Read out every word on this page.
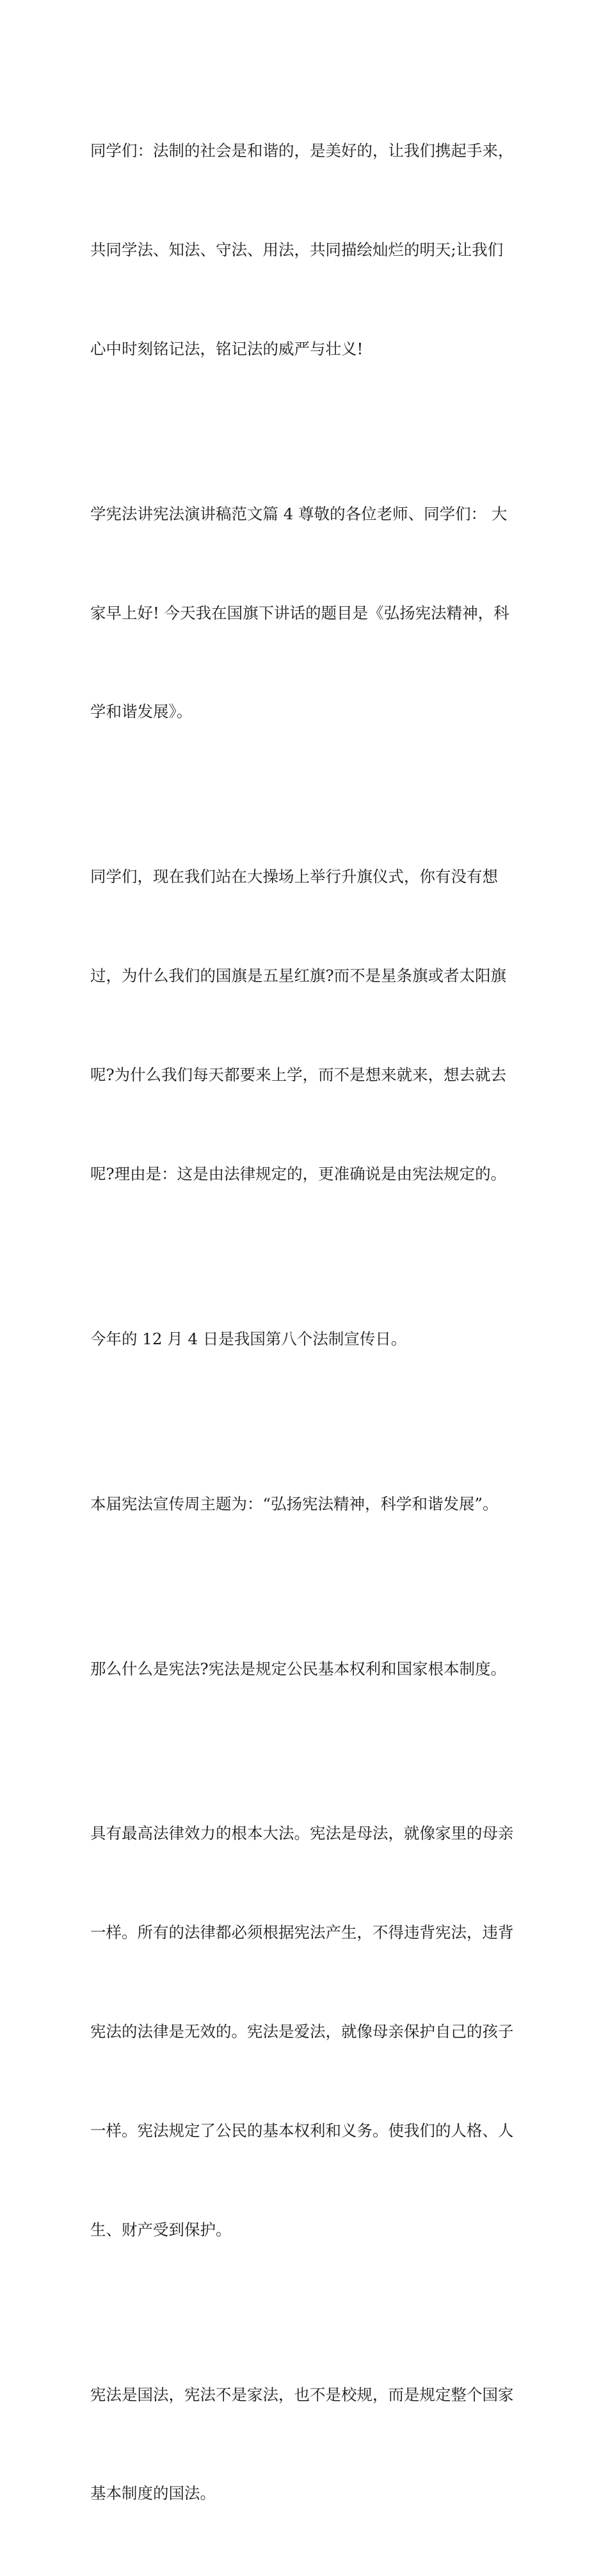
同学们：法制的社会是和谐的，是美好的，让我们携起手来，

共同学法、知法、守法、用法，共同描绘灿烂的明天;让我们

心中时刻铭记法，铭记法的威严与壮义!

学宪法讲宪法演讲稿范文篇 4 尊敬的各位老师、同学们： 大

家早上好! 今天我在国旗下讲话的题目是《弘扬宪法精神，科

学和谐发展》。

同学们，现在我们站在大操场上举行升旗仪式，你有没有想

过，为什么我们的国旗是五星红旗?而不是星条旗或者太阳旗

呢?为什么我们每天都要来上学，而不是想来就来，想去就去

呢?理由是：这是由法律规定的，更准确说是由宪法规定的。

今年的 12 月 4 日是我国第八个法制宣传日。

本届宪法宣传周主题为：“弘扬宪法精神，科学和谐发展”。

那么什么是宪法?宪法是规定公民基本权利和国家根本制度。

具有最高法律效力的根本大法。宪法是母法，就像家里的母亲

一样。所有的法律都必须根据宪法产生，不得违背宪法，违背

宪法的法律是无效的。宪法是爱法，就像母亲保护自己的孩子

一样。宪法规定了公民的基本权利和义务。使我们的人格、人

生、财产受到保护。

宪法是国法，宪法不是家法，也不是校规，而是规定整个国家

基本制度的国法。
